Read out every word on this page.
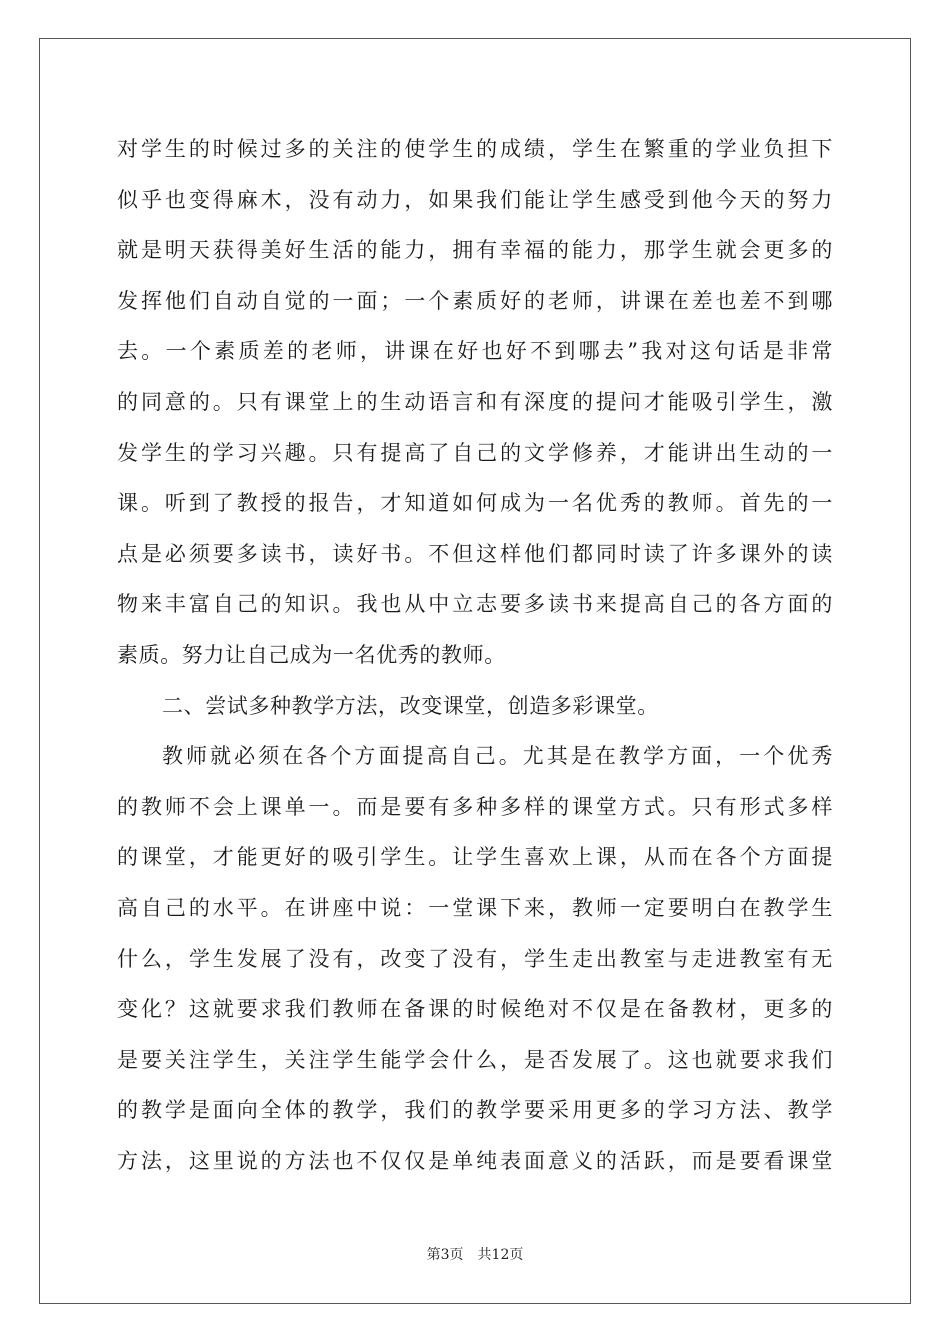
对学生的时候过多的关注的使学生的成绩，学生在繁重的学业负担下
似乎也变得麻木，没有动力，如果我们能让学生感受到他今天的努力
就是明天获得美好生活的能力，拥有幸福的能力，那学生就会更多的
发挥他们自动自觉的一面；一个素质好的老师，讲课在差也差不到哪
去。一个素质差的老师，讲课在好也好不到哪去”我对这句话是非常
的同意的。只有课堂上的生动语言和有深度的提问才能吸引学生，激
发学生的学习兴趣。只有提高了自己的文学修养，才能讲出生动的一
课。听到了教授的报告，才知道如何成为一名优秀的教师。首先的一
点是必须要多读书，读好书。不但这样他们都同时读了许多课外的读
物来丰富自己的知识。我也从中立志要多读书来提高自己的各方面的
素质。努力让自己成为一名优秀的教师。
二、尝试多种教学方法，改变课堂，创造多彩课堂。
教师就必须在各个方面提高自己。尤其是在教学方面，一个优秀
的教师不会上课单一。而是要有多种多样的课堂方式。只有形式多样
的课堂，才能更好的吸引学生。让学生喜欢上课，从而在各个方面提
高自己的水平。在讲座中说：一堂课下来，教师一定要明白在教学生
什么，学生发展了没有，改变了没有，学生走出教室与走进教室有无
变化？这就要求我们教师在备课的时候绝对不仅是在备教材，更多的
是要关注学生，关注学生能学会什么，是否发展了。这也就要求我们
的教学是面向全体的教学，我们的教学要采用更多的学习方法、教学
方法，这里说的方法也不仅仅是单纯表面意义的活跃，而是要看课堂
第3页 共12页
